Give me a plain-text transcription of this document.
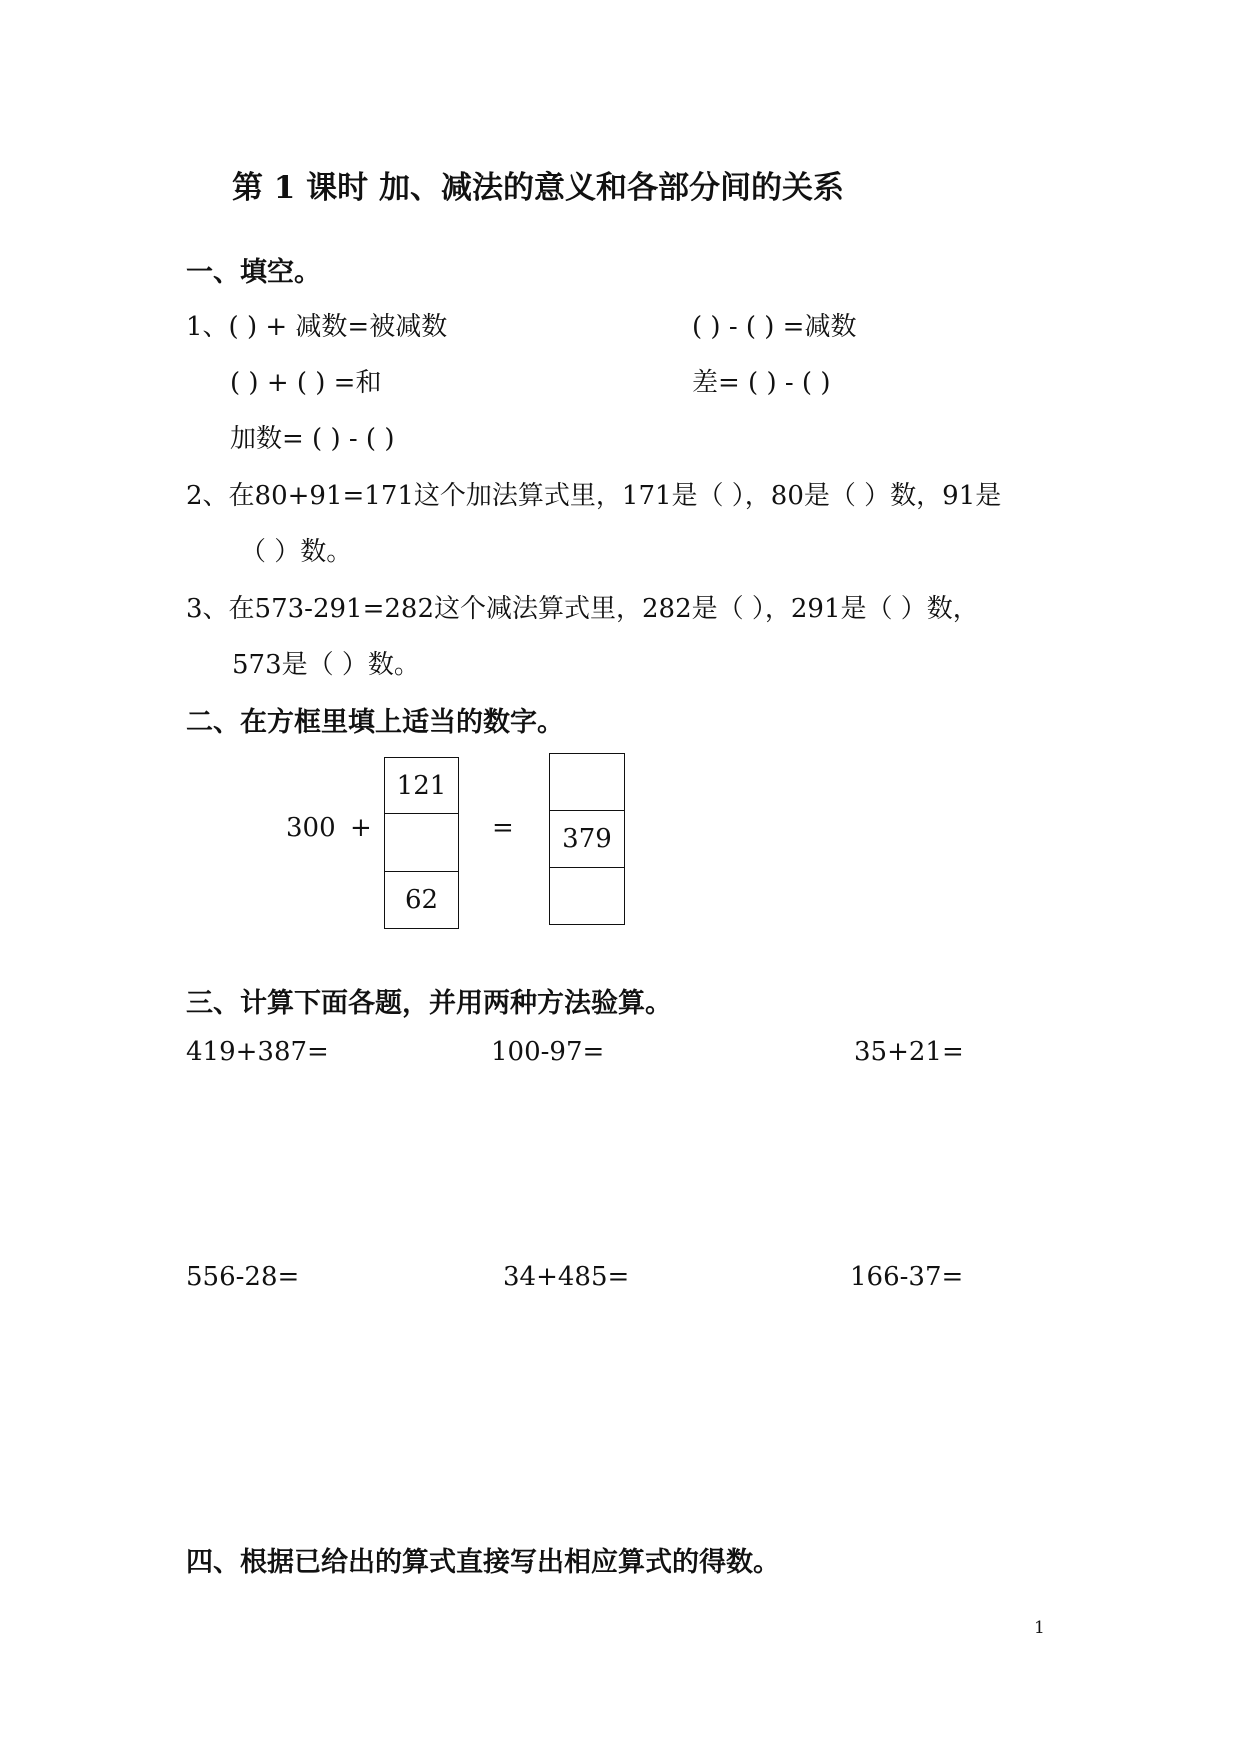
第 1 课时 加、减法的意义和各部分间的关系
一、填空。
1、( ) + 减数=被减数	( ) - ( ) =减数
( ) + ( ) =和	差= ( ) - ( )
加数= ( ) - ( )
2、在80+91=171这个加法算式里，171是（ ），80是（ ）数，91是
（ ）数。
3、在573-291=282这个减法算式里，282是（ ），291是（ ）数，
573是（ ）数。
二、在方框里填上适当的数字。
300 +	=
121
62
379
三、计算下面各题，并用两种方法验算。
419+387=	100-97=	35+21=
556-28=	34+485=	166-37=
四、根据已给出的算式直接写出相应算式的得数。
1
